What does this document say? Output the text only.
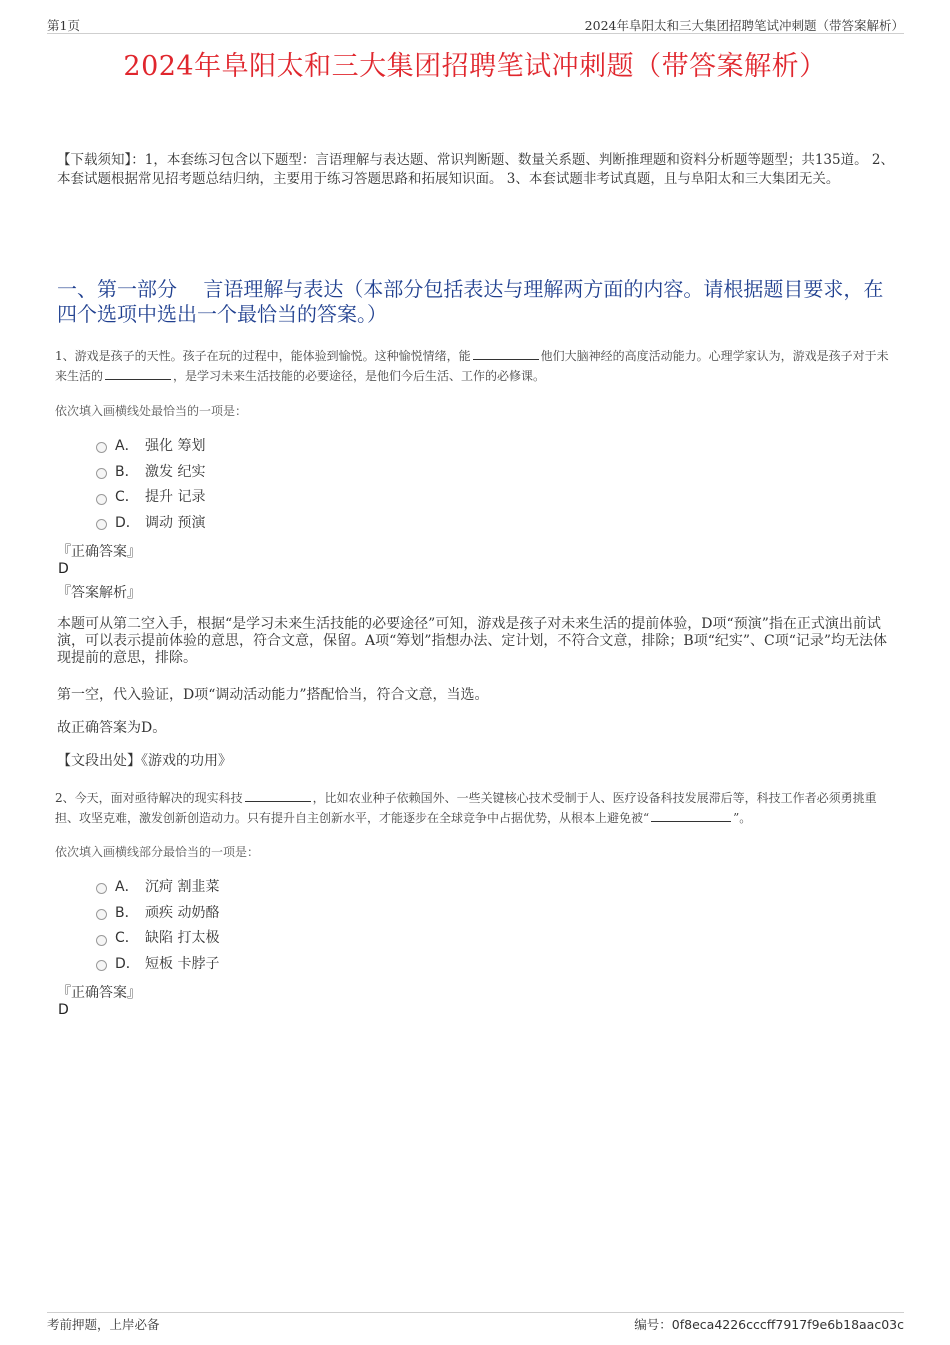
第1页	2024年阜阳太和三大集团招聘笔试冲刺题（带答案解析）
2024年阜阳太和三大集团招聘笔试冲刺题（带答案解析）
【下载须知】：1，本套练习包含以下题型：言语理解与表达题、常识判断题、数量关系题、判断推理题和资料分析题等题型；共135道。 2、本套试题根据常见招考题总结归纳，主要用于练习答题思路和拓展知识面。 3、本套试题非考试真题，且与阜阳太和三大集团无关。
一、第一部分　 言语理解与表达（本部分包括表达与理解两方面的内容。请根据题目要求，在四个选项中选出一个最恰当的答案。）
1、游戏是孩子的天性。孩子在玩的过程中，能体验到愉悦。这种愉悦情绪，能	他们大脑神经的高度活动能力。心理学家认为，游戏是孩子对于未来生活的	，是学习未来生活技能的必要途径，是他们今后生活、工作的必修课。
依次填入画横线处最恰当的一项是：
A． 强化 筹划
B． 激发 纪实
C． 提升 记录
D． 调动 预演
『正确答案』
D
『答案解析』
本题可从第二空入手，根据“是学习未来生活技能的必要途径”可知，游戏是孩子对未来生活的提前体验，D项“预演”指在正式演出前试演，可以表示提前体验的意思，符合文意，保留。A项“筹划”指想办法、定计划，不符合文意，排除；B项“纪实”、C项“记录”均无法体现提前的意思，排除。
第一空，代入验证，D项“调动活动能力”搭配恰当，符合文意，当选。
故正确答案为D。
【文段出处】《游戏的功用》
2、今天，面对亟待解决的现实科技	，比如农业种子依赖国外、一些关键核心技术受制于人、医疗设备科技发展滞后等，科技工作者必须勇挑重担、攻坚克难，激发创新创造动力。只有提升自主创新水平，才能逐步在全球竞争中占据优势，从根本上避免被“	”。
依次填入画横线部分最恰当的一项是：
A． 沉疴 割韭菜
B． 顽疾 动奶酪
C． 缺陷 打太极
D． 短板 卡脖子
『正确答案』
D
考前押题，上岸必备	编号：0f8eca4226cccff7917f9e6b18aac03c
